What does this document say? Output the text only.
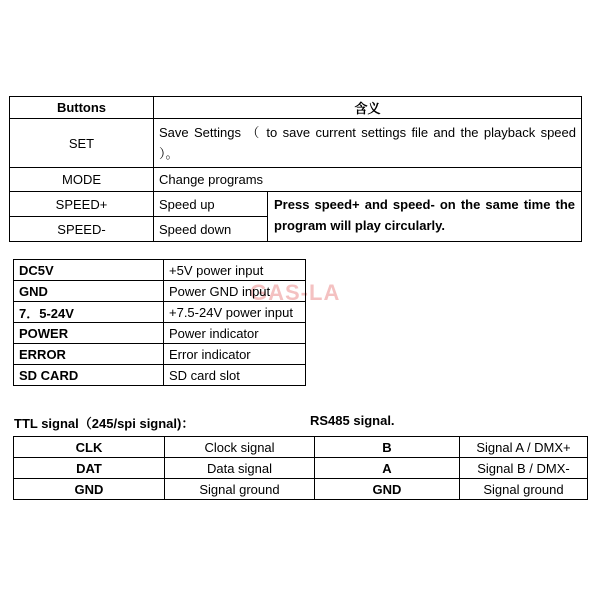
GAS-LA
Buttons	含义	
SET	Save Settings （ to save current settings file and the playback speed ）。	
MODE	Change programs	
SPEED+	Speed up	Press speed+ and speed- on the same time the program will play circularly.
SPEED-	Speed down	
DC5V	+5V power input
GND	Power GND input
7．5-24V	+7.5-24V power input
POWER	Power indicator
ERROR	Error indicator
SD CARD	SD card slot
TTL signal（245/spi signal)：	RS485 signal.
CLK	Clock signal	B	Signal A / DMX+
DAT	Data signal	A	Signal B / DMX-
GND	Signal ground	GND	Signal ground
